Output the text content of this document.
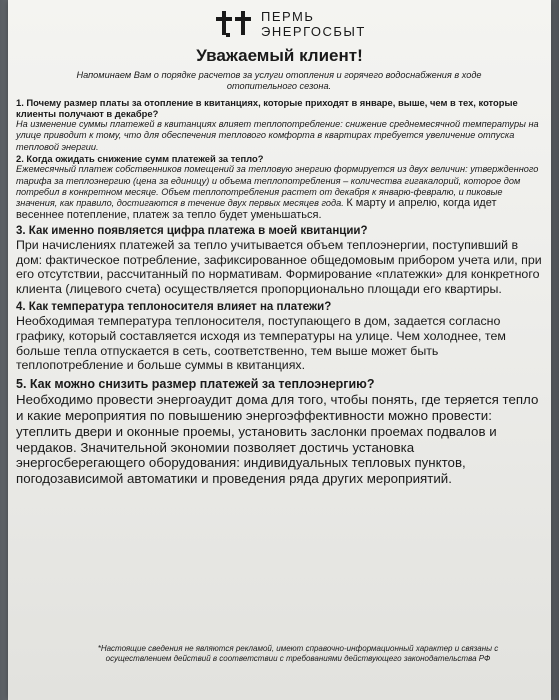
ПЕРМЬ
ЭНЕРГОСБЫТ
Уважаемый клиент!

Напоминаем Вам о порядке расчетов за услуги отопления и горячего водоснабжения в ходе отопительного сезона.

1. Почему размер платы за отопление в квитанциях, которые приходят в январе, выше, чем в тех, которые клиенты получают в декабре?

На изменение суммы платежей в квитанциях влияет теплопотребление: снижение среднемесячной температуры на улице приводит к тому, что для обеспечения теплового комфорта в квартирах требуется увеличение отпуска тепловой энергии.

2. Когда ожидать снижение сумм платежей за тепло?

Ежемесячный платеж собственников помещений за тепловую энергию формируется из двух величин: утвержденного тарифа за теплоэнергию (цена за единицу) и объема теплопотребления – количества гигакалорий, которое дом потребил в конкретном месяце. Объем теплопотребления растет от декабря к январю-февралю, и пиковые значения, как правило, достигаются в течение двух первых месяцев года. К марту и апрелю, когда идет весеннее потепление, платеж за тепло будет уменьшаться.

3. Как именно появляется цифра платежа в моей квитанции?

При начислениях платежей за тепло учитывается объем теплоэнергии, поступивший в дом: фактическое потребление, зафиксированное общедомовым прибором учета или, при его отсутствии, рассчитанный по нормативам. Формирование «платежки» для конкретного клиента (лицевого счета) осуществляется пропорционально площади его квартиры.

4. Как температура теплоносителя влияет на платежи?

Необходимая температура теплоносителя, поступающего в дом, задается согласно графику, который составляется исходя из температуры на улице. Чем холоднее, тем больше тепла отпускается в сеть, соответственно, тем выше может быть теплопотребление и больше суммы в квитанциях.

5. Как можно снизить размер платежей за теплоэнергию?

Необходимо провести энергоаудит дома для того, чтобы понять, где теряется тепло и какие мероприятия по повышению энергоэффективности можно провести: утеплить двери и оконные проемы, установить заслонки проемах подвалов и чердаков. Значительной экономии позволяет достичь установка энергосберегающего оборудования: индивидуальных тепловых пунктов, погодозависимой автоматики и проведения ряда других мероприятий.

*Настоящие сведения не являются рекламой, имеют справочно-информационный характер и связаны с осуществлением действий в соответствии с требованиями действующего законодательства РФ
